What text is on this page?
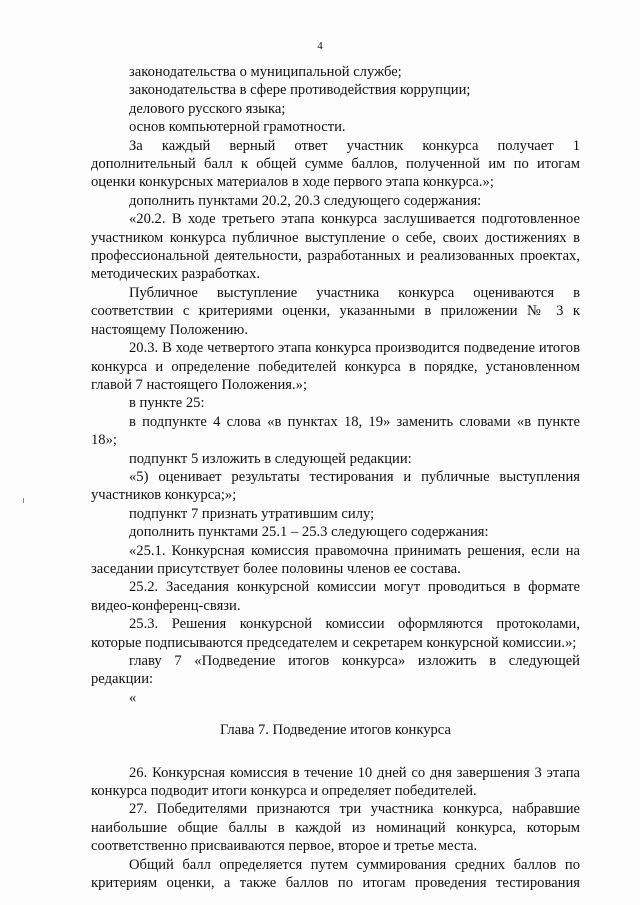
4

законодательства о муниципальной службе;

законодательства в сфере противодействия коррупции;

делового русского языка;

основ компьютерной грамотности.

За каждый верный ответ участник конкурса получает 1 дополнительный балл к общей сумме баллов, полученной им по итогам оценки конкурсных материалов в ходе первого этапа конкурса.»;

дополнить пунктами 20.2, 20.3 следующего содержания:

«20.2. В ходе третьего этапа конкурса заслушивается подготовленное участником конкурса публичное выступление о себе, своих достижениях в профессиональной деятельности, разработанных и реализованных проектах, методических разработках.

Публичное выступление участника конкурса оцениваются в соответствии с критериями оценки, указанными в приложении № 3 к настоящему Положению.

20.3. В ходе четвертого этапа конкурса производится подведение итогов конкурса и определение победителей конкурса в порядке, установленном главой 7 настоящего Положения.»;

в пункте 25:

в подпункте 4 слова «в пунктах 18, 19» заменить словами «в пункте 18»;

подпункт 5 изложить в следующей редакции:

«5) оценивает результаты тестирования и публичные выступления участников конкурса;»;

подпункт 7 признать утратившим силу;

дополнить пунктами 25.1 – 25.3 следующего содержания:

«25.1. Конкурсная комиссия правомочна принимать решения, если на заседании присутствует более половины членов ее состава.

25.2. Заседания конкурсной комиссии могут проводиться в формате видео-конференц-связи.

25.3. Решения конкурсной комиссии оформляются протоколами, которые подписываются председателем и секретарем конкурсной комиссии.»;

главу 7 «Подведение итогов конкурса» изложить в следующей редакции:

«

Глава 7. Подведение итогов конкурса

26. Конкурсная комиссия в течение 10 дней со дня завершения 3 этапа конкурса подводит итоги конкурса и определяет победителей.

27. Победителями признаются три участника конкурса, набравшие наибольшие общие баллы в каждой из номинаций конкурса, которым соответственно присваиваются первое, второе и третье места.

Общий балл определяется путем суммирования средних баллов по критериям оценки, а также баллов по итогам проведения тестирования
